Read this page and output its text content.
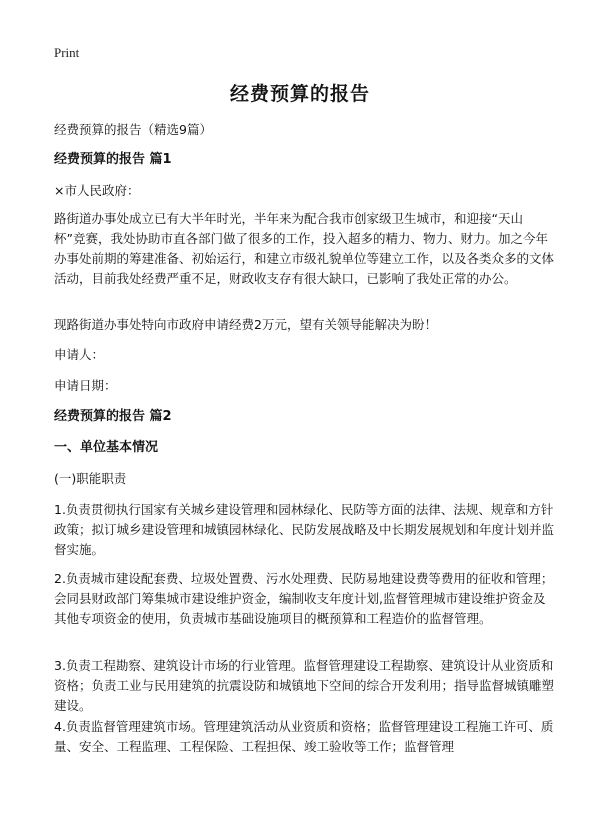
Print
经费预算的报告
经费预算的报告（精选9篇）
经费预算的报告 篇1
×市人民政府：
路街道办事处成立已有大半年时光，半年来为配合我市创家级卫生城市，和迎接“天山杯”竞赛，我处协助市直各部门做了很多的工作，投入超多的精力、物力、财力。加之今年办事处前期的筹建准备、初始运行，和建立市级礼貌单位等建立工作，以及各类众多的文体活动，目前我处经费严重不足，财政收支存有很大缺口，已影响了我处正常的办公。
现路街道办事处特向市政府申请经费2万元，望有关领导能解决为盼！
申请人：
申请日期：
经费预算的报告 篇2
一、单位基本情况
(一)职能职责
1.负责贯彻执行国家有关城乡建设管理和园林绿化、民防等方面的法律、法规、规章和方针政策；拟订城乡建设管理和城镇园林绿化、民防发展战略及中长期发展规划和年度计划并监督实施。
2.负责城市建设配套费、垃圾处置费、污水处理费、民防易地建设费等费用的征收和管理；会同县财政部门筹集城市建设维护资金，编制收支年度计划,监督管理城市建设维护资金及其他专项资金的使用，负责城市基础设施项目的概预算和工程造价的监督管理。
3.负责工程勘察、建筑设计市场的行业管理。监督管理建设工程勘察、建筑设计从业资质和资格；负责工业与民用建筑的抗震设防和城镇地下空间的综合开发利用；指导监督城镇雕塑建设。
4.负责监督管理建筑市场。管理建筑活动从业资质和资格；监督管理建设工程施工许可、质量、安全、工程监理、工程保险、工程担保、竣工验收等工作；监督管理
